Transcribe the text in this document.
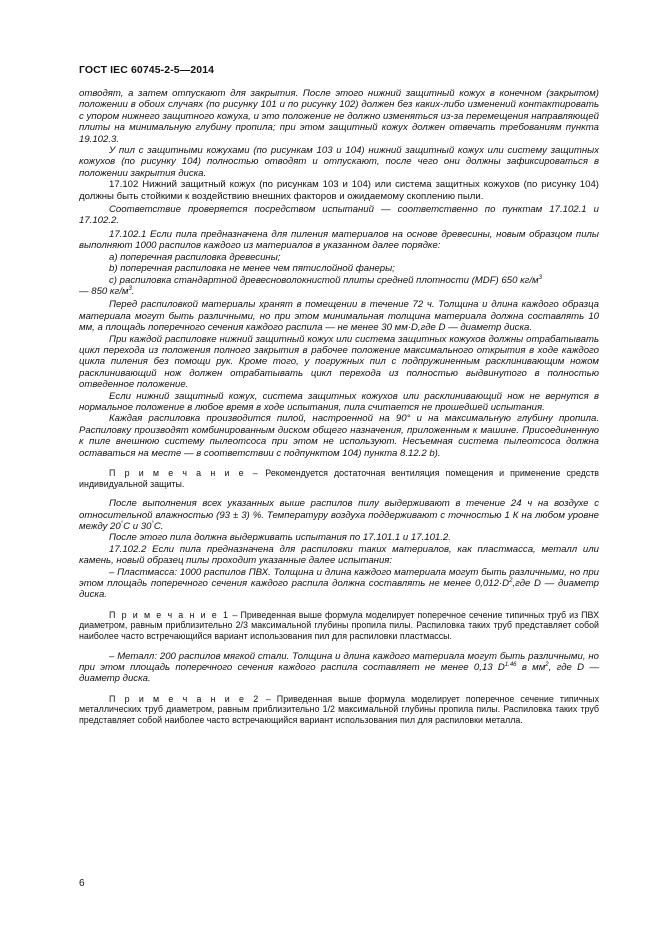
ГОСТ IEC 60745-2-5—2014

отводят, а затем отпускают для закрытия. После этого нижний защитный кожух в конечном (закрытом) положении в обоих случаях (по рисунку 101 и по рисунку 102) должен без каких-либо изменений контактировать с упором нижнего защитного кожуха, и это положение не должно изменяться из-за перемещения направляющей плиты на минимальную глубину пропила; при этом защитный кожух должен отвечать требованиям пункта 19.102.3.

У пил с защитными кожухами (по рисункам 103 и 104) нижний защитный кожух или систему защитных кожухов (по рисунку 104) полностью отводят и отпускают, после чего они должны зафиксироваться в положении закрытия диска.

17.102 Нижний защитный кожух (по рисункам 103 и 104) или система защитных кожухов (по рисунку 104) должны быть стойкими к воздействию внешних факторов и ожидаемому скоплению пыли.

Соответствие проверяется посредством испытаний — соответственно по пунктам 17.102.1 и 17.102.2.

17.102.1 Если пила предназначена для пиления материалов на основе древесины, новым образцом пилы выполняют 1000 распилов каждого из материалов в указанном далее порядке:

a) поперечная распиловка древесины;

b) поперечная распиловка не менее чем пятислойной фанеры;

c) распиловка стандартной древесноволокнистой плиты средней плотности (MDF) 650 $кг/м^3$

— 850 $кг/м^3$.

Перед распиловкой материалы хранят в помещении в течение 72 ч. Толщина и длина каждого образца материала могут быть различными, но при этом минимальная толщина материала должна составлять 10 мм, а площадь поперечного сечения каждого распила — не менее 30 мм·D,где D — диаметр диска.

При каждой распиловке нижний защитный кожух или система защитных кожухов должны отрабатывать цикл перехода из положения полного закрытия в рабочее положение максимального открытия в ходе каждого цикла пиления без помощи рук. Кроме того, у погружных пил с подпружиненным расклинивающим ножом расклинивающий нож должен отрабатывать цикл перехода из полностью выдвинутого в полностью отведенное положение.

Если нижний защитный кожух, система защитных кожухов или расклинивающий нож не вернутся в нормальное положение в любое время в ходе испытания, пила считается не прошедшей испытания.

Каждая распиловка производится пилой, настроенной на 90° и на максимальную глубину пропила. Распиловку производят комбинированным диском общего назначения, приложенным к машине. Присоединенную к пиле внешнюю систему пылеотсоса при этом не используют. Несъемная система пылеотсоса должна оставаться на месте — в соответствии с подпунктом 104) пункта 8.12.2 b).

П р и м е ч а н и е – Рекомендуется достаточная вентиляция помещения и применение средств индивидуальной защиты.

После выполнения всех указанных выше распилов пилу выдерживают в течение 24 ч на воздухе с относительной влажностью (93 ± 3) %. Температуру воздуха поддерживают с точностью 1 К на любом уровне между 20°C и 30°C.

После этого пила должна выдерживать испытания по 17.101.1 и 17.101.2.

17.102.2 Если пила предназначена для распиловки таких материалов, как пластмасса, металл или камень, новый образец пилы проходит указанные далее испытания:

– Пластмасса: 1000 распилов ПВХ. Толщина и длина каждого материала могут быть различными, но при этом площадь поперечного сечения каждого распила должна составлять не менее $0,012\cdot D^2,где$ D — диаметр диска.

П р и м е ч а н и е 1 – Приведенная выше формула моделирует поперечное сечение типичных труб из ПВХ диаметром, равным приблизительно 2/3 максимальной глубины пропила пилы. Распиловка таких труб представляет собой наиболее часто встречающийся вариант использования пил для распиловки пластмассы.

– Металл: 200 распилов мягкой стали. Толщина и длина каждого материала могут быть различными, но при этом площадь поперечного сечения каждого распила составляет не менее 0,13 $D^{1.46}$ в $мм^2$, где D — диаметр диска.

П р и м е ч а н и е 2 – Приведенная выше формула моделирует поперечное сечение типичных металлических труб диаметром, равным приблизительно 1/2 максимальной глубины пропила пилы. Распиловка таких труб представляет собой наиболее часто встречающийся вариант использования пил для распиловки металла.

6
